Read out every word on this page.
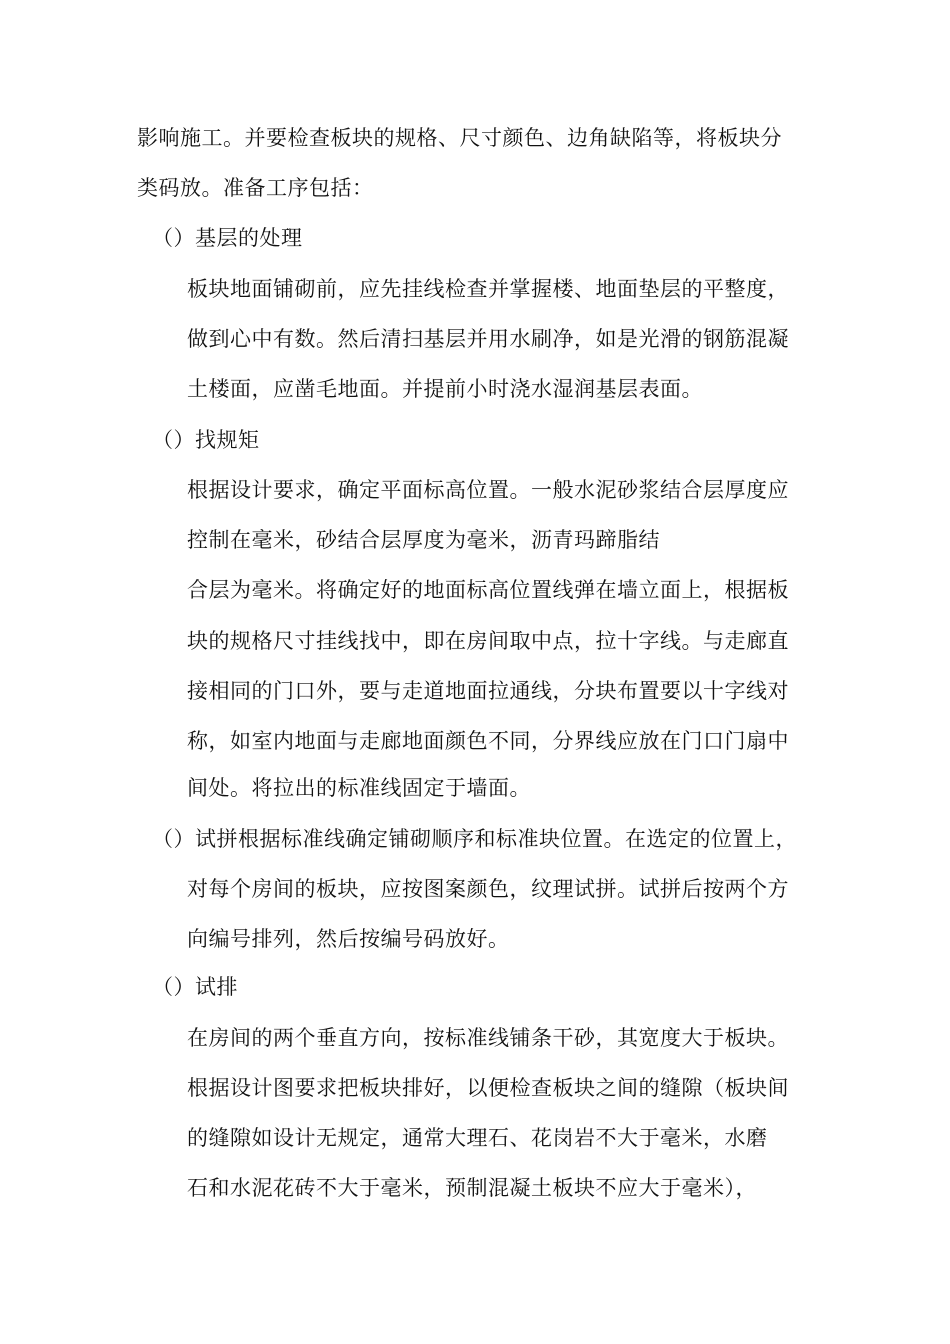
影响施工。并要检查板块的规格、尺寸颜色、边角缺陷等，将板块分
类码放。准备工序包括：
（）基层的处理
板块地面铺砌前，应先挂线检查并掌握楼、地面垫层的平整度，
做到心中有数。然后清扫基层并用水刷净，如是光滑的钢筋混凝
土楼面，应凿毛地面。并提前小时浇水湿润基层表面。
（）找规矩
根据设计要求，确定平面标高位置。一般水泥砂浆结合层厚度应
控制在毫米，砂结合层厚度为毫米，沥青玛蹄脂结
合层为毫米。将确定好的地面标高位置线弹在墙立面上，根据板
块的规格尺寸挂线找中，即在房间取中点，拉十字线。与走廊直
接相同的门口外，要与走道地面拉通线，分块布置要以十字线对
称，如室内地面与走廊地面颜色不同，分界线应放在门口门扇中
间处。将拉出的标准线固定于墙面。
（）试拼根据标准线确定铺砌顺序和标准块位置。在选定的位置上，
对每个房间的板块，应按图案颜色，纹理试拼。试拼后按两个方
向编号排列，然后按编号码放好。
（）试排
在房间的两个垂直方向，按标准线铺条干砂，其宽度大于板块。
根据设计图要求把板块排好，以便检查板块之间的缝隙（板块间
的缝隙如设计无规定，通常大理石、花岗岩不大于毫米，水磨
石和水泥花砖不大于毫米，预制混凝土板块不应大于毫米），
